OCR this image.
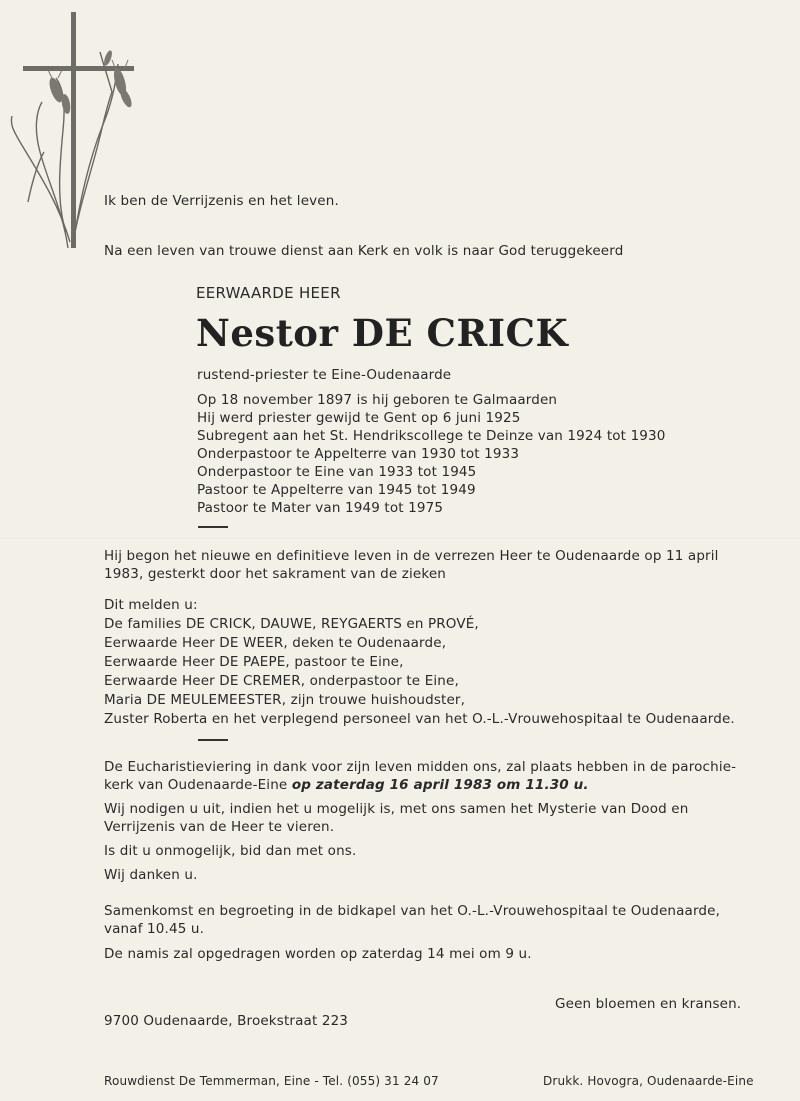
Ik ben de Verrijzenis en het leven.
Na een leven van trouwe dienst aan Kerk en volk is naar God teruggekeerd
EERWAARDE HEER
Nestor DE CRICK
rustend-priester te Eine-Oudenaarde
Op 18 november 1897 is hij geboren te Galmaarden
Hij werd priester gewijd te Gent op 6 juni 1925
Subregent aan het St. Hendrikscollege te Deinze van 1924 tot 1930
Onderpastoor te Appelterre van 1930 tot 1933
Onderpastoor te Eine van 1933 tot 1945
Pastoor te Appelterre van 1945 tot 1949
Pastoor te Mater van 1949 tot 1975
Hij begon het nieuwe en definitieve leven in de verrezen Heer te Oudenaarde op 11 april
1983, gesterkt door het sakrament van de zieken
Dit melden u:
De families DE CRICK, DAUWE, REYGAERTS en PROVÉ,
Eerwaarde Heer DE WEER, deken te Oudenaarde,
Eerwaarde Heer DE PAEPE, pastoor te Eine,
Eerwaarde Heer DE CREMER, onderpastoor te Eine,
Maria DE MEULEMEESTER, zijn trouwe huishoudster,
Zuster Roberta en het verplegend personeel van het O.-L.-Vrouwehospitaal te Oudenaarde.
De Eucharistieviering in dank voor zijn leven midden ons, zal plaats hebben in de parochie-
kerk van Oudenaarde-Eine op zaterdag 16 april 1983 om 11.30 u.
Wij nodigen u uit, indien het u mogelijk is, met ons samen het Mysterie van Dood en
Verrijzenis van de Heer te vieren.
Is dit u onmogelijk, bid dan met ons.
Wij danken u.
Samenkomst en begroeting in de bidkapel van het O.-L.-Vrouwehospitaal te Oudenaarde,
vanaf 10.45 u.
De namis zal opgedragen worden op zaterdag 14 mei om 9 u.
Geen bloemen en kransen.
9700 Oudenaarde, Broekstraat 223
Rouwdienst De Temmerman, Eine - Tel. (055) 31 24 07	Drukk. Hovogra, Oudenaarde-Eine
